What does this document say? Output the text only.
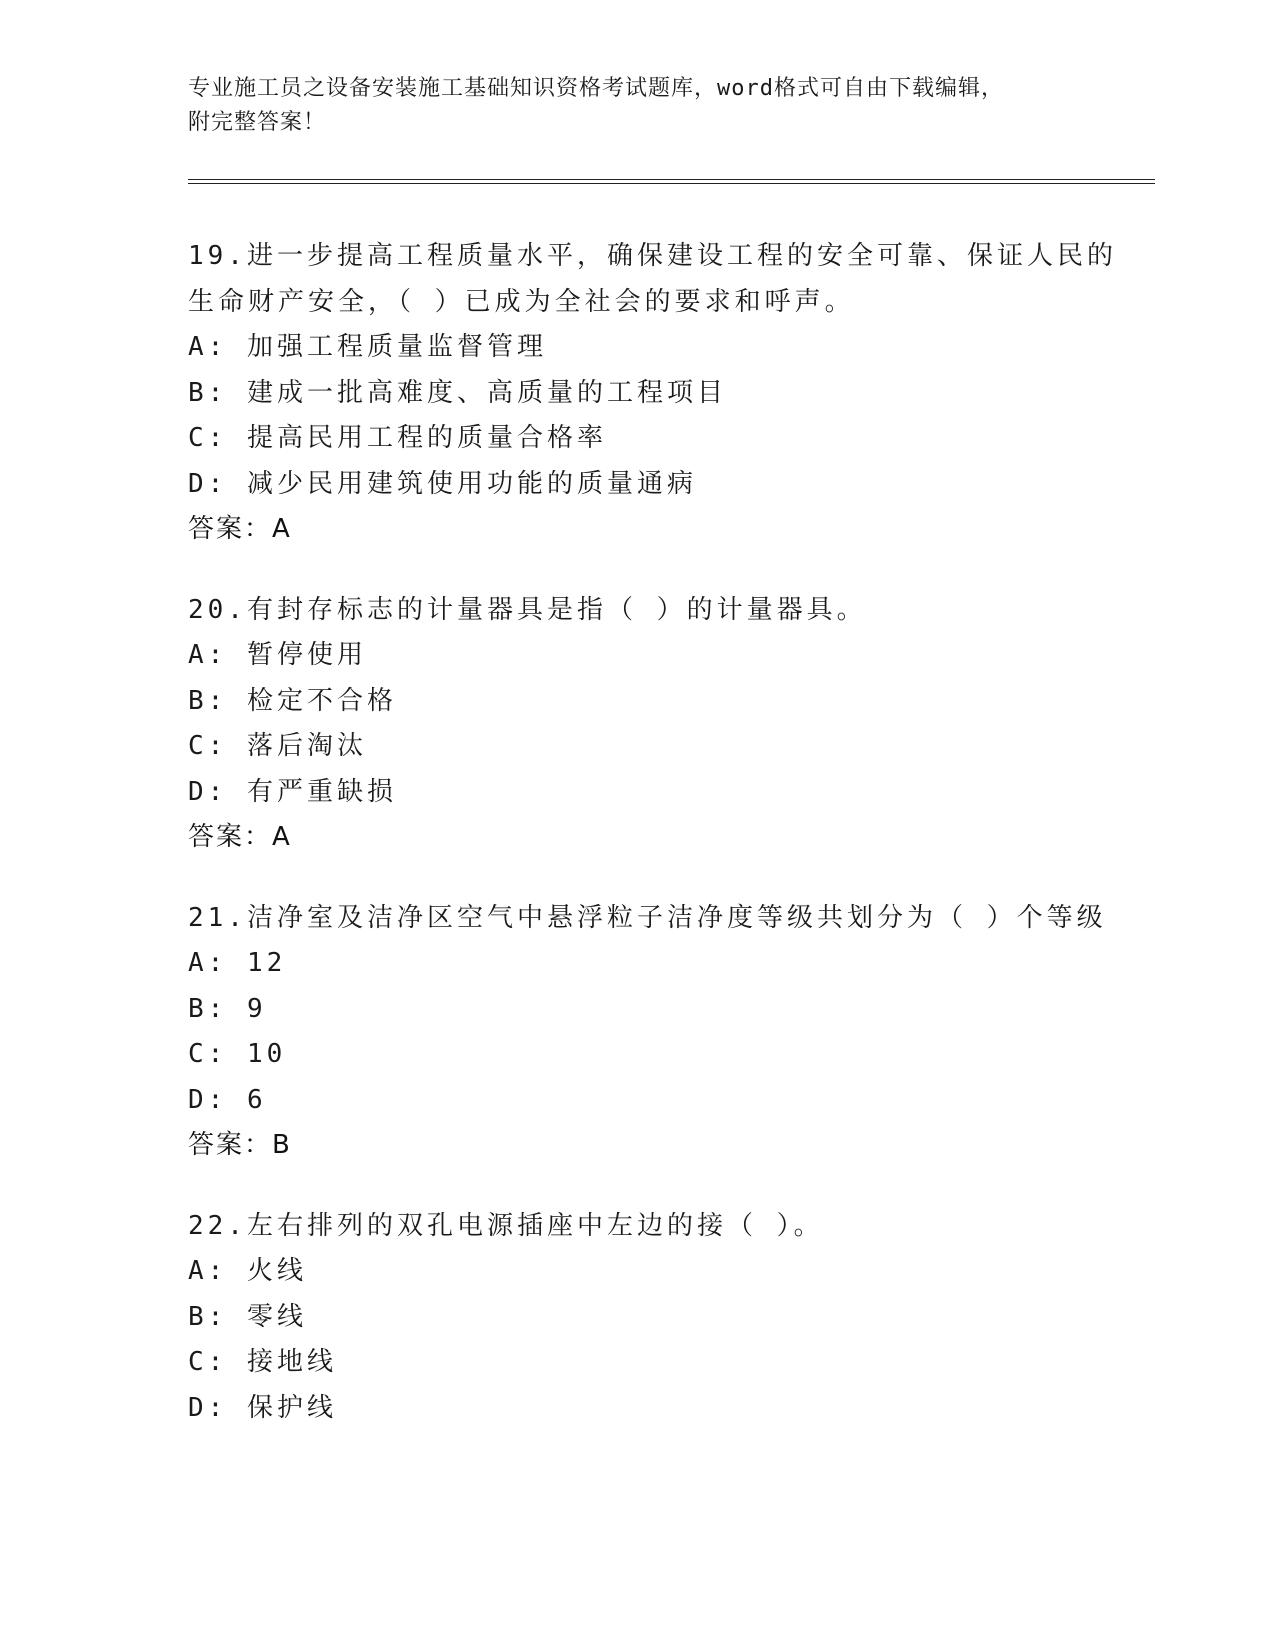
专业施工员之设备安装施工基础知识资格考试题库，word格式可自由下载编辑，
附完整答案！
19.进一步提高工程质量水平，确保建设工程的安全可靠、保证人民的
生命财产安全，（ ）已成为全社会的要求和呼声。
A: 加强工程质量监督管理
B: 建成一批高难度、高质量的工程项目
C: 提高民用工程的质量合格率
D: 减少民用建筑使用功能的质量通病
答案：A
20.有封存标志的计量器具是指（ ）的计量器具。
A: 暂停使用
B: 检定不合格
C: 落后淘汰
D: 有严重缺损
答案：A
21.洁净室及洁净区空气中悬浮粒子洁净度等级共划分为（ ）个等级
A: 12
B: 9
C: 10
D: 6
答案：B
22.左右排列的双孔电源插座中左边的接（ ）。
A: 火线
B: 零线
C: 接地线
D: 保护线
